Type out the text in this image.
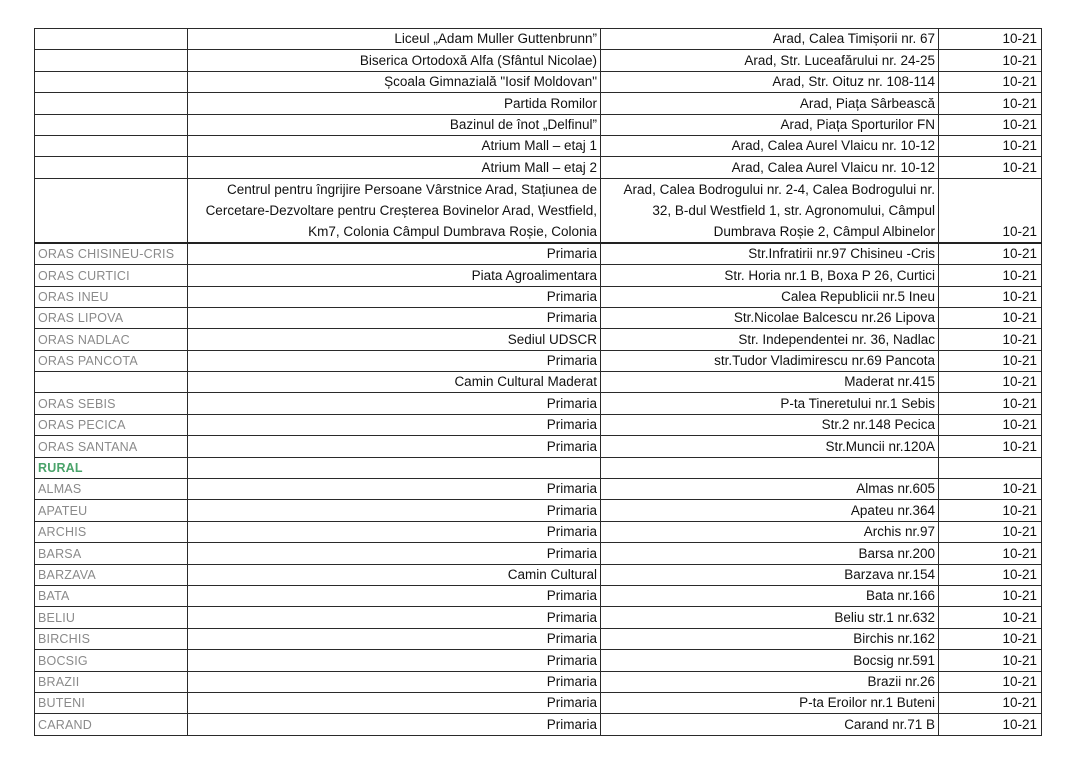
	Liceul „Adam Muller Guttenbrunn”	Arad, Calea Timișorii nr. 67	10-21
	Biserica Ortodoxă Alfa (Sfântul Nicolae)	Arad, Str. Luceafărului nr. 24-25	10-21
	Școala Gimnazială "Iosif Moldovan"	Arad, Str. Oituz nr. 108-114	10-21
	Partida Romilor	Arad, Piața Sârbească	10-21
	Bazinul de înot „Delfinul”	Arad, Piața Sporturilor FN	10-21
	Atrium Mall – etaj 1	Arad, Calea Aurel Vlaicu nr. 10-12	10-21
	Atrium Mall – etaj 2	Arad, Calea Aurel Vlaicu nr. 10-12	10-21
	Centrul pentru îngrijire Persoane Vârstnice Arad, Stațiunea de Cercetare-Dezvoltare pentru Creșterea Bovinelor Arad, Westfield, Km7, Colonia Câmpul Dumbrava Roșie, Colonia	Arad, Calea Bodrogului nr. 2-4, Calea Bodrogului nr. 32, B-dul Westfield 1, str. Agronomului, Câmpul Dumbrava Roșie 2, Câmpul Albinelor	10-21
ORAS CHISINEU-CRIS	Primaria	Str.Infratirii nr.97 Chisineu -Cris	10-21
ORAS CURTICI	Piata Agroalimentara	Str. Horia nr.1 B, Boxa P 26, Curtici	10-21
ORAS INEU	Primaria	Calea Republicii nr.5 Ineu	10-21
ORAS LIPOVA	Primaria	Str.Nicolae Balcescu nr.26 Lipova	10-21
ORAS NADLAC	Sediul UDSCR	Str. Independentei nr. 36, Nadlac	10-21
ORAS PANCOTA	Primaria	str.Tudor Vladimirescu nr.69 Pancota	10-21
	Camin Cultural Maderat	Maderat nr.415	10-21
ORAS SEBIS	Primaria	P-ta Tineretului nr.1 Sebis	10-21
ORAS PECICA	Primaria	Str.2 nr.148 Pecica	10-21
ORAS SANTANA	Primaria	Str.Muncii nr.120A	10-21
RURAL			
ALMAS	Primaria	Almas nr.605	10-21
APATEU	Primaria	Apateu nr.364	10-21
ARCHIS	Primaria	Archis nr.97	10-21
BARSA	Primaria	Barsa nr.200	10-21
BARZAVA	Camin Cultural	Barzava nr.154	10-21
BATA	Primaria	Bata nr.166	10-21
BELIU	Primaria	Beliu str.1 nr.632	10-21
BIRCHIS	Primaria	Birchis nr.162	10-21
BOCSIG	Primaria	Bocsig nr.591	10-21
BRAZII	Primaria	Brazii nr.26	10-21
BUTENI	Primaria	P-ta Eroilor nr.1 Buteni	10-21
CARAND	Primaria	Carand nr.71 B	10-21
